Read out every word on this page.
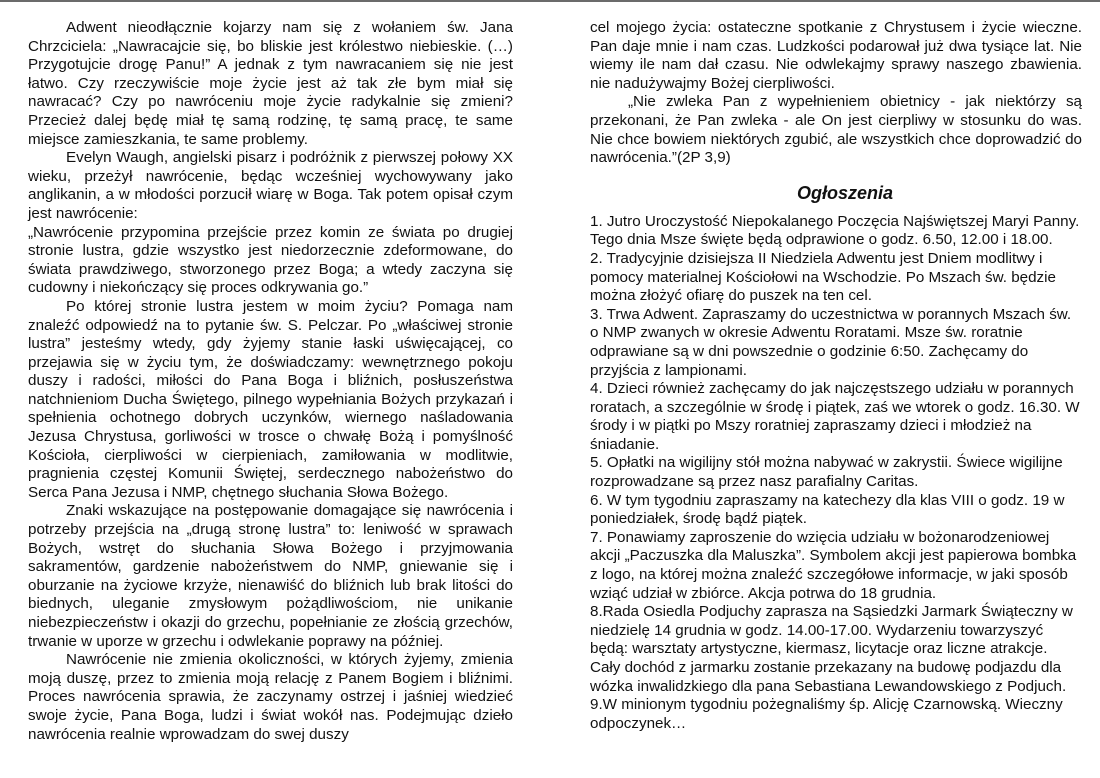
Adwent nieodłącznie kojarzy nam się z wołaniem św. Jana Chrzciciela: „Nawracajcie się, bo bliskie jest królestwo niebieskie. (…) Przygotujcie drogę Panu!” A jednak z tym nawracaniem się nie jest łatwo. Czy rzeczywiście moje życie jest aż tak złe bym miał się nawracać? Czy po nawróceniu moje życie radykalnie się zmieni? Przecież dalej będę miał tę samą rodzinę, tę samą pracę, te same miejsce zamieszkania, te same problemy.

Evelyn Waugh, angielski pisarz i podróżnik z pierwszej połowy XX wieku, przeżył nawrócenie, będąc wcześniej wychowywany jako anglikanin, a w młodości porzucił wiarę w Boga. Tak potem opisał czym jest nawrócenie:

„Nawrócenie przypomina przejście przez komin ze świata po drugiej stronie lustra, gdzie wszystko jest niedorzecznie zdeformowane, do świata prawdziwego, stworzonego przez Boga; a wtedy zaczyna się cudowny i niekończący się proces odkrywania go.”

Po której stronie lustra jestem w moim życiu? Pomaga nam znaleźć odpowiedź na to pytanie św. S. Pelczar. Po „właściwej stronie lustra” jesteśmy wtedy, gdy żyjemy stanie łaski uświęcającej, co przejawia się w życiu tym, że doświadczamy: wewnętrznego pokoju duszy i radości, miłości do Pana Boga i bliźnich, posłuszeństwa natchnieniom Ducha Świętego, pilnego wypełniania Bożych przykazań i spełnienia ochotnego dobrych uczynków, wiernego naśladowania Jezusa Chrystusa, gorliwości w trosce o chwałę Bożą i pomyślność Kościoła, cierpliwości w cierpieniach, zamiłowania w modlitwie, pragnienia częstej Komunii Świętej, serdecznego nabożeństwo do Serca Pana Jezusa i NMP, chętnego słuchania Słowa Bożego.

Znaki wskazujące na postępowanie domagające się nawrócenia i potrzeby przejścia na „drugą stronę lustra” to: leniwość w sprawach Bożych, wstręt do słuchania Słowa Bożego i przyjmowania sakramentów, gardzenie nabożeństwem do NMP, gniewanie się i oburzanie na życiowe krzyże, nienawiść do bliźnich lub brak litości do biednych, uleganie zmysłowym pożądliwościom, nie unikanie niebezpieczeństw i okazji do grzechu, popełnianie ze złością grzechów, trwanie w uporze w grzechu i odwlekanie poprawy na później.

Nawrócenie nie zmienia okoliczności, w których żyjemy, zmienia moją duszę, przez to zmienia moją relację z Panem Bogiem i bliźnimi. Proces nawrócenia sprawia, że zaczynamy ostrzej i jaśniej wiedzieć swoje życie, Pana Boga, ludzi i świat wokół nas. Podejmując dzieło nawrócenia realnie wprowadzam do swej duszy

cel mojego życia: ostateczne spotkanie z Chrystusem i życie wieczne. Pan daje mnie i nam czas. Ludzkości podarował już dwa tysiące lat. Nie wiemy ile nam dał czasu. Nie odwlekajmy sprawy naszego zbawienia. nie nadużywajmy Bożej cierpliwości.

„Nie zwleka Pan z wypełnieniem obietnicy - jak niektórzy są przekonani, że Pan zwleka - ale On jest cierpliwy w stosunku do was. Nie chce bowiem niektórych zgubić, ale wszystkich chce doprowadzić do nawrócenia.”(2P 3,9)

Ogłoszenia
1. Jutro Uroczystość Niepokalanego Poczęcia Najświętszej Maryi Panny. Tego dnia Msze święte będą odprawione o godz. 6.50, 12.00 i 18.00.
2. Tradycyjnie dzisiejsza II Niedziela Adwentu jest Dniem modlitwy i pomocy materialnej Kościołowi na Wschodzie. Po Mszach św. będzie można złożyć ofiarę do puszek na ten cel.
3. Trwa Adwent. Zapraszamy do uczestnictwa w porannych Mszach św. o NMP zwanych w okresie Adwentu Roratami. Msze św. roratnie odprawiane są w dni powszednie o godzinie 6:50. Zachęcamy do przyjścia z lampionami.
4. Dzieci również zachęcamy do jak najczęstszego udziału w porannych roratach, a szczególnie w środę i piątek, zaś we wtorek o godz. 16.30. W środy i w piątki po Mszy roratniej zapraszamy dzieci i młodzież na śniadanie.
5. Opłatki na wigilijny stół można nabywać w zakrystii. Świece wigilijne rozprowadzane są przez nasz parafialny Caritas.
6. W tym tygodniu zapraszamy na katechezy dla klas VIII o godz. 19 w poniedziałek, środę bądź piątek.
7. Ponawiamy zaproszenie do wzięcia udziału w bożonarodzeniowej akcji „Paczuszka dla Maluszka”. Symbolem akcji jest papierowa bombka z logo, na której można znaleźć szczegółowe informacje, w jaki sposób wziąć udział w zbiórce. Akcja potrwa do 18 grudnia.
8.Rada Osiedla Podjuchy zaprasza na Sąsiedzki Jarmark Świąteczny w niedzielę 14 grudnia w godz. 14.00-17.00. Wydarzeniu towarzyszyć będą: warsztaty artystyczne, kiermasz, licytacje oraz liczne atrakcje. Cały dochód z jarmarku zostanie przekazany na budowę podjazdu dla wózka inwalidzkiego dla pana Sebastiana Lewandowskiego z Podjuch.
9.W minionym tygodniu pożegnaliśmy śp. Alicję Czarnowską. Wieczny odpoczynek…
